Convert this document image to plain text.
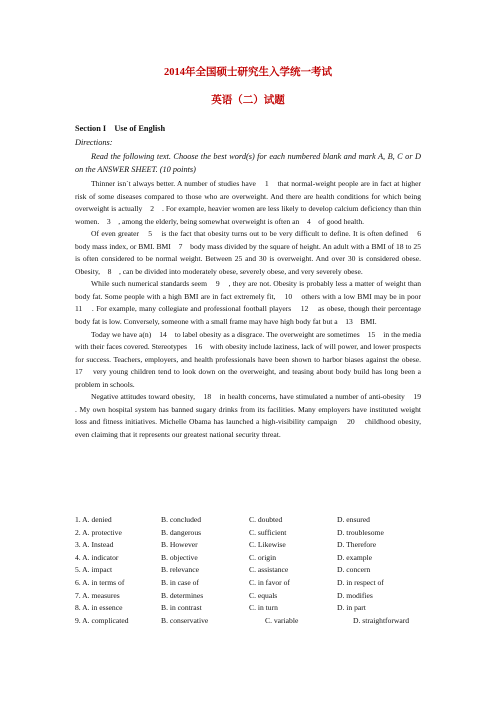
2014年全国硕士研究生入学统一考试
英语（二）试题
Section I    Use of English
Directions:
Read the following text. Choose the best word(s) for each numbered blank and mark A, B, C or D on the ANSWER SHEET. (10 points)

Thinner isn´t always better. A number of studies have    1    that normal-weight people are in fact at higher risk of some diseases compared to those who are overweight. And there are health conditions for which being overweight is actually    2    . For example, heavier women are less likely to develop calcium deficiency than thin women.    3    , among the elderly, being somewhat overweight is often an    4    of good health.

Of even greater    5    is the fact that obesity turns out to be very difficult to define. It is often defined    6    body mass index, or BMI. BMI    7    body mass divided by the square of height. An adult with a BMI of 18 to 25 is often considered to be normal weight. Between 25 and 30 is overweight. And over 30 is considered obese. Obesity,    8    , can be divided into moderately obese, severely obese, and very severely obese.

While such numerical standards seem    9    , they are not. Obesity is probably less a matter of weight than body fat. Some people with a high BMI are in fact extremely fit,    10    others with a low BMI may be in poor    11    . For example, many collegiate and professional football players    12    as obese, though their percentage body fat is low. Conversely, someone with a small frame may have high body fat but a    13    BMI.

Today we have a(n)    14    to label obesity as a disgrace. The overweight are sometimes    15    in the media with their faces covered. Stereotypes    16    with obesity include laziness, lack of will power, and lower prospects for success. Teachers, employers, and health professionals have been shown to harbor biases against the obese.    17    very young children tend to look down on the overweight, and teasing about body build has long been a problem in schools.

Negative attitudes toward obesity,    18    in health concerns, have stimulated a number of anti-obesity    19    . My own hospital system has banned sugary drinks from its facilities. Many employers have instituted weight loss and fitness initiatives. Michelle Obama has launched a high-visibility campaign    20    childhood obesity, even claiming that it represents our greatest national security threat.

1. A. denied	B. concluded	C. doubted	D. ensured
2. A. protective	B. dangerous	C. sufficient	D. troublesome
3. A. Instead	B. However	C. Likewise	D. Therefore
4. A. indicator	B. objective	C. origin	D. example
5. A. impact	B. relevance	C. assistance	D. concern
6. A. in terms of	B. in case of	C. in favor of	D. in respect of
7. A. measures	B. determines	C. equals	D. modifies
8. A. in essence	B. in contrast	C. in turn	D. in part
9. A. complicated	B. conservative	C. variable	D. straightforward
